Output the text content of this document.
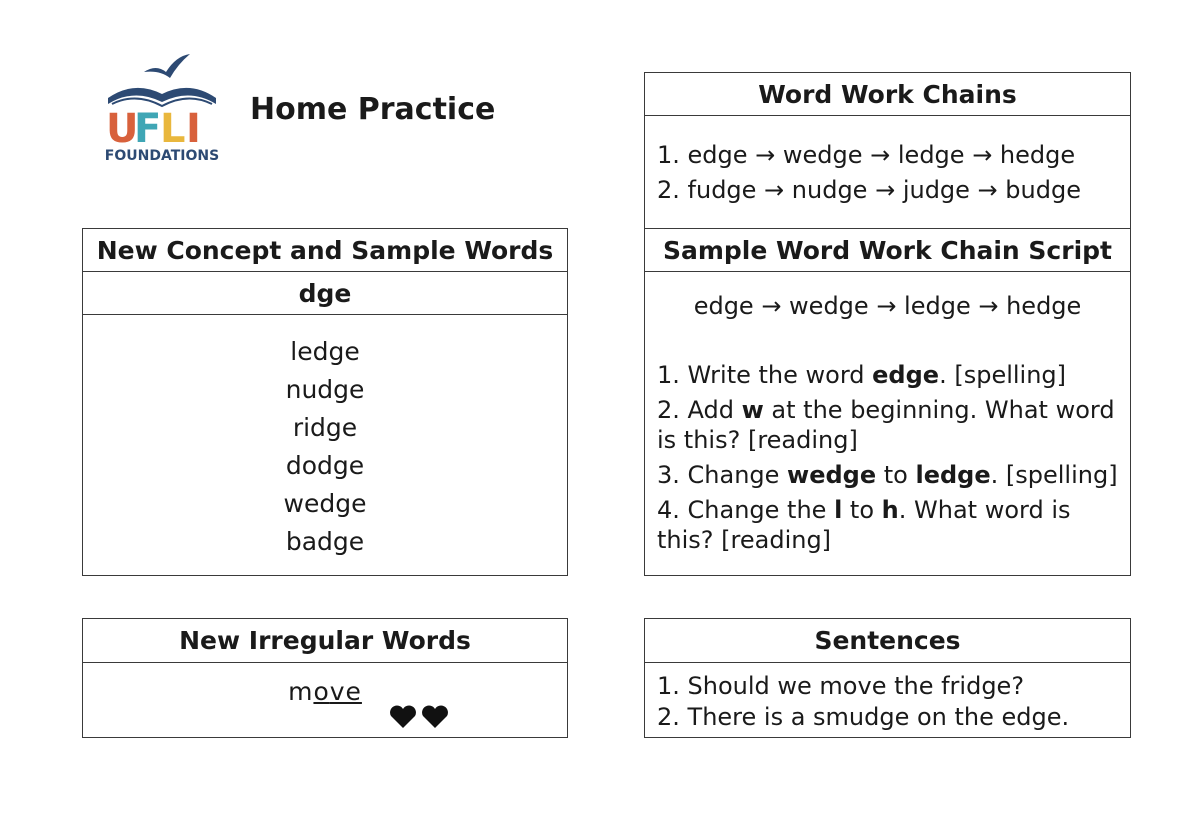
U
F
L I
FOUNDATIONS
Home Practice
New Concept and Sample Words
dge
ledge
nudge
ridge
dodge
wedge
badge
New Irregular Words
move
Word Work Chains
1. edge → wedge → ledge → hedge
2. fudge → nudge → judge → budge
Sample Word Work Chain Script
edge → wedge → ledge → hedge
1. Write the word edge. [spelling]
2. Add w at the beginning. What word is this? [reading]
3. Change wedge to ledge. [spelling]
4. Change the l to h. What word is this? [reading]
Sentences
1. Should we move the fridge?
2. There is a smudge on the edge.
